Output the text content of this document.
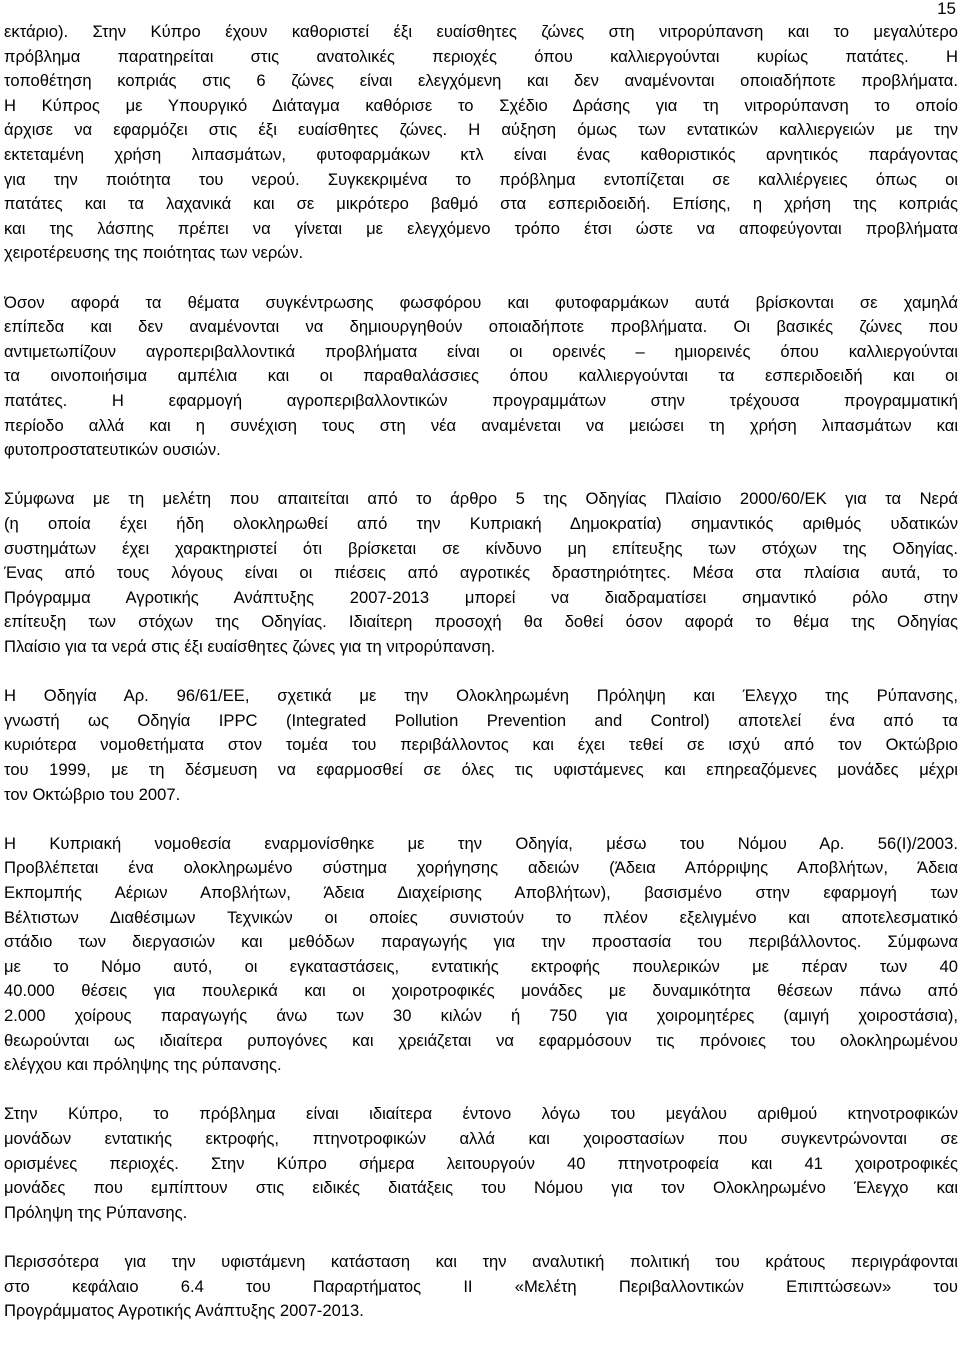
15
εκτάριο). Στην Κύπρο έχουν καθοριστεί έξι ευαίσθητες ζώνες στη νιτρορύπανση και το μεγαλύτερο
πρόβλημα παρατηρείται στις ανατολικές περιοχές όπου καλλιεργούνται κυρίως πατάτες. Η
τοποθέτηση κοπριάς στις 6 ζώνες είναι ελεγχόμενη και δεν αναμένονται οποιαδήποτε προβλήματα.
Η Κύπρος με Υπουργικό Διάταγμα καθόρισε το Σχέδιο Δράσης για τη νιτρορύπανση το οποίο
άρχισε να εφαρμόζει στις έξι ευαίσθητες ζώνες. Η αύξηση όμως των εντατικών καλλιεργειών με την
εκτεταμένη χρήση λιπασμάτων, φυτοφαρμάκων κτλ είναι ένας καθοριστικός αρνητικός παράγοντας
για την ποιότητα του νερού. Συγκεκριμένα το πρόβλημα εντοπίζεται σε καλλιέργειες όπως οι
πατάτες και τα λαχανικά και σε μικρότερο βαθμό στα εσπεριδοειδή. Επίσης, η χρήση της κοπριάς
και της λάσπης πρέπει να γίνεται με ελεγχόμενο τρόπο έτσι ώστε να αποφεύγονται προβλήματα
χειροτέρευσης της ποιότητας των νερών.
Όσον αφορά τα θέματα συγκέντρωσης φωσφόρου και φυτοφαρμάκων αυτά βρίσκονται σε χαμηλά
επίπεδα και δεν αναμένονται να δημιουργηθούν οποιαδήποτε προβλήματα. Οι βασικές ζώνες που
αντιμετωπίζουν αγροπεριβαλλοντικά προβλήματα είναι οι ορεινές – ημιορεινές όπου καλλιεργούνται
τα οινοποιήσιμα αμπέλια και οι παραθαλάσσιες όπου καλλιεργούνται τα εσπεριδοειδή και οι
πατάτες. Η εφαρμογή αγροπεριβαλλοντικών προγραμμάτων στην τρέχουσα προγραμματική
περίοδο αλλά και η συνέχιση τους στη νέα αναμένεται να μειώσει τη χρήση λιπασμάτων και
φυτοπροστατευτικών ουσιών.
Σύμφωνα με τη μελέτη που απαιτείται από το άρθρο 5 της Οδηγίας Πλαίσιο 2000/60/ΕΚ για τα Νερά
(η οποία έχει ήδη ολοκληρωθεί από την Κυπριακή Δημοκρατία) σημαντικός αριθμός υδατικών
συστημάτων έχει χαρακτηριστεί ότι βρίσκεται σε κίνδυνο μη επίτευξης των στόχων της Οδηγίας.
Ένας από τους λόγους είναι οι πιέσεις από αγροτικές δραστηριότητες. Μέσα στα πλαίσια αυτά, το
Πρόγραμμα Αγροτικής Ανάπτυξης 2007-2013 μπορεί να διαδραματίσει σημαντικό ρόλο στην
επίτευξη των στόχων της Οδηγίας. Ιδιαίτερη προσοχή θα δοθεί όσον αφορά το θέμα της Οδηγίας
Πλαίσιο για τα νερά στις έξι ευαίσθητες ζώνες για τη νιτρορύπανση.
Η Οδηγία Αρ. 96/61/ΕΕ, σχετικά με την Ολοκληρωμένη Πρόληψη και Έλεγχο της Ρύπανσης,
γνωστή ως Οδηγία IPPC (Integrated Pollution Prevention and Control) αποτελεί ένα από τα
κυριότερα νομοθετήματα στον τομέα του περιβάλλοντος και έχει τεθεί σε ισχύ από τον Οκτώβριο
του 1999, με τη δέσμευση να εφαρμοσθεί σε όλες τις υφιστάμενες και επηρεαζόμενες μονάδες μέχρι
τον Οκτώβριο του 2007.
Η Κυπριακή νομοθεσία εναρμονίσθηκε με την Οδηγία, μέσω του Νόμου Αρ. 56(I)/2003.
Προβλέπεται ένα ολοκληρωμένο σύστημα χορήγησης αδειών (Άδεια Απόρριψης Αποβλήτων, Άδεια
Εκπομπής Αέριων Αποβλήτων, Άδεια Διαχείρισης Αποβλήτων), βασισμένο στην εφαρμογή των
Βέλτιστων Διαθέσιμων Τεχνικών οι οποίες συνιστούν το πλέον εξελιγμένο και αποτελεσματικό
στάδιο των διεργασιών και μεθόδων παραγωγής για την προστασία του περιβάλλοντος. Σύμφωνα
με το Νόμο αυτό, οι εγκαταστάσεις, εντατικής εκτροφής πουλερικών με πέραν των 40
40.000 θέσεις για πουλερικά και οι χοιροτροφικές μονάδες με δυναμικότητα θέσεων πάνω από
2.000 χοίρους παραγωγής άνω των 30 κιλών ή 750 για χοιρομητέρες (αμιγή χοιροστάσια),
θεωρούνται ως ιδιαίτερα ρυπογόνες και χρειάζεται να εφαρμόσουν τις πρόνοιες του ολοκληρωμένου
ελέγχου και πρόληψης της ρύπανσης.
Στην Κύπρο, το πρόβλημα είναι ιδιαίτερα έντονο λόγω του μεγάλου αριθμού κτηνοτροφικών
μονάδων εντατικής εκτροφής, πτηνοτροφικών αλλά και χοιροστασίων που συγκεντρώνονται σε
ορισμένες περιοχές. Στην Κύπρο σήμερα λειτουργούν 40 πτηνοτροφεία και 41 χοιροτροφικές
μονάδες που εμπίπτουν στις ειδικές διατάξεις του Νόμου για τον Ολοκληρωμένο Έλεγχο και
Πρόληψη της Ρύπανσης.
Περισσότερα για την υφιστάμενη κατάσταση και την αναλυτική πολιτική του κράτους περιγράφονται
στο κεφάλαιο 6.4 του Παραρτήματος ΙΙ «Μελέτη Περιβαλλοντικών Επιπτώσεων» του
Προγράμματος Αγροτικής Ανάπτυξης 2007-2013.
